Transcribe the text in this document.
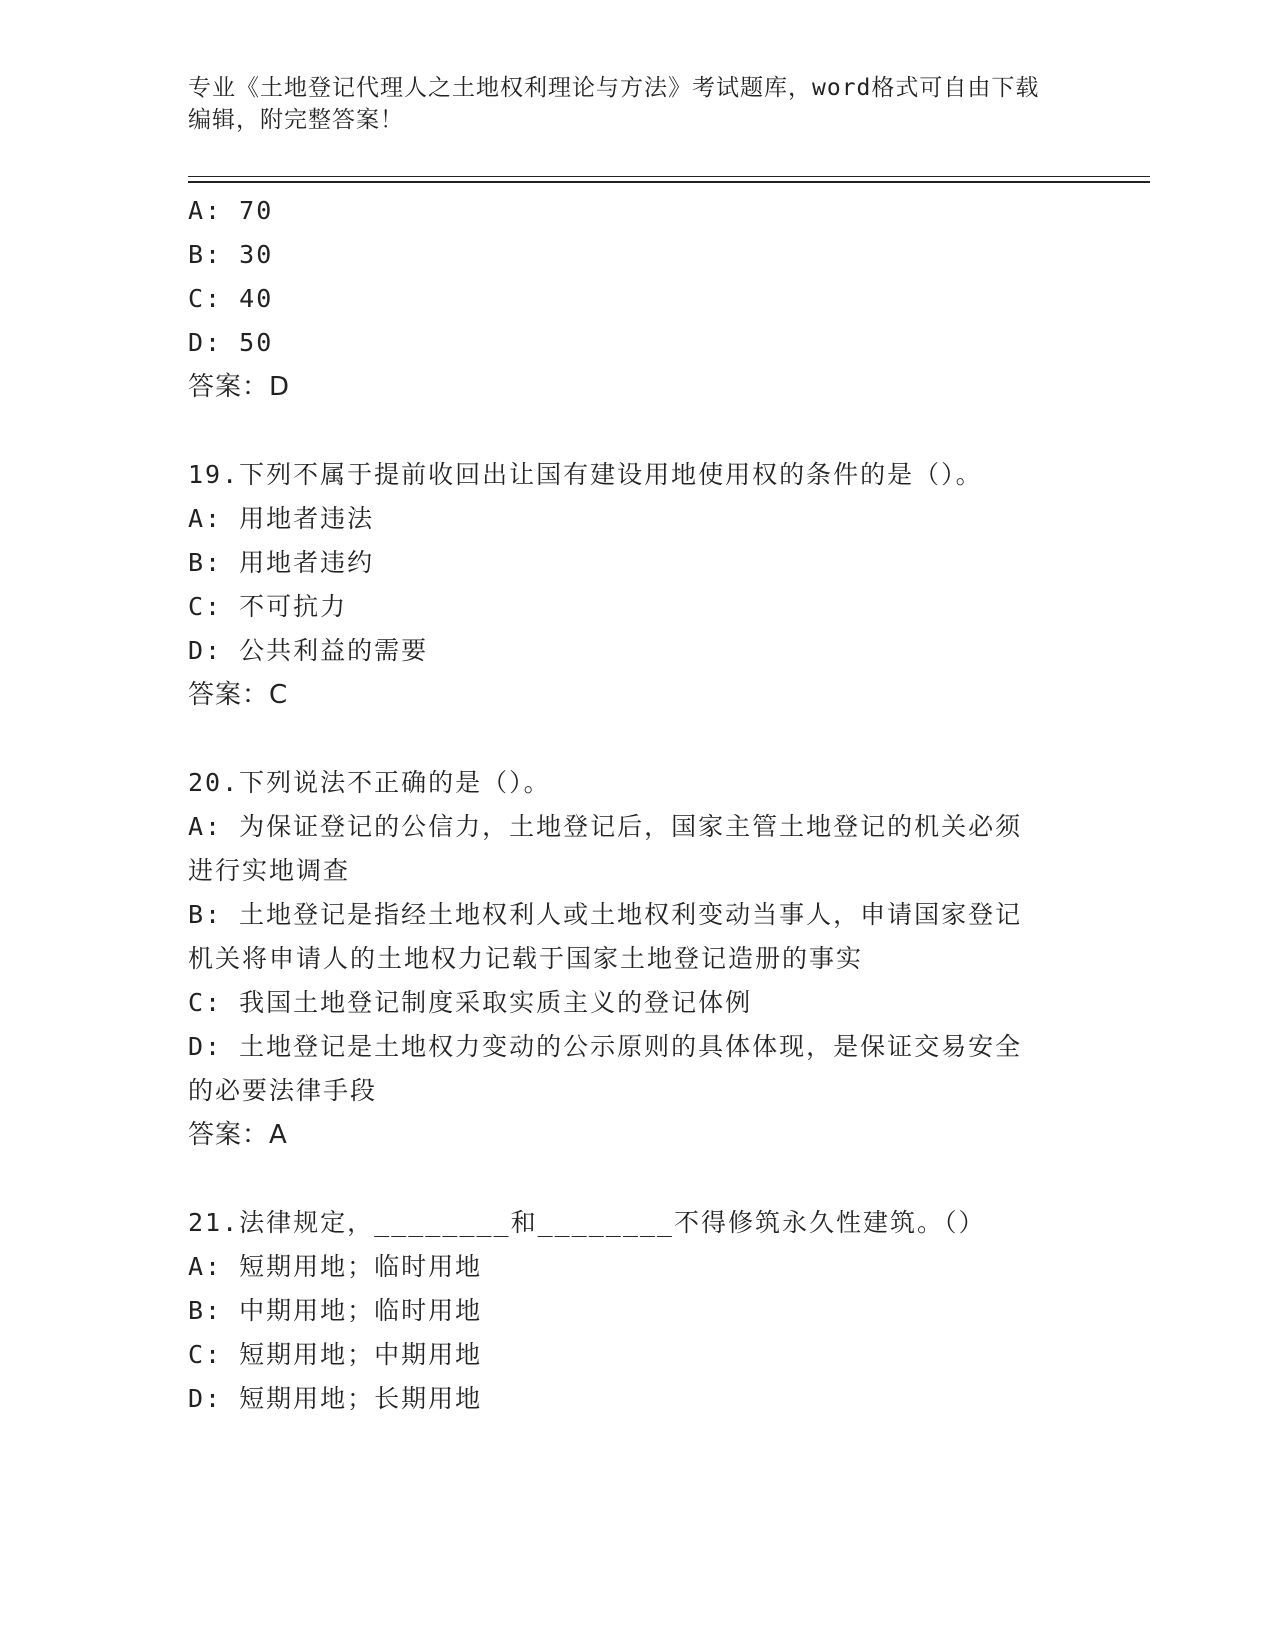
专业《土地登记代理人之土地权利理论与方法》考试题库，word格式可自由下载
编辑，附完整答案！
A: 70
B: 30
C: 40
D: 50
答案：D
19.下列不属于提前收回出让国有建设用地使用权的条件的是（）。
A: 用地者违法
B: 用地者违约
C: 不可抗力
D: 公共利益的需要
答案：C
20.下列说法不正确的是（）。
A: 为保证登记的公信力，土地登记后，国家主管土地登记的机关必须
进行实地调查
B: 土地登记是指经土地权利人或土地权利变动当事人，申请国家登记
机关将申请人的土地权力记载于国家土地登记造册的事实
C: 我国土地登记制度采取实质主义的登记体例
D: 土地登记是土地权力变动的公示原则的具体体现，是保证交易安全
的必要法律手段
答案：A
21.法律规定，________和________不得修筑永久性建筑。（）
A: 短期用地；临时用地
B: 中期用地；临时用地
C: 短期用地；中期用地
D: 短期用地；长期用地
